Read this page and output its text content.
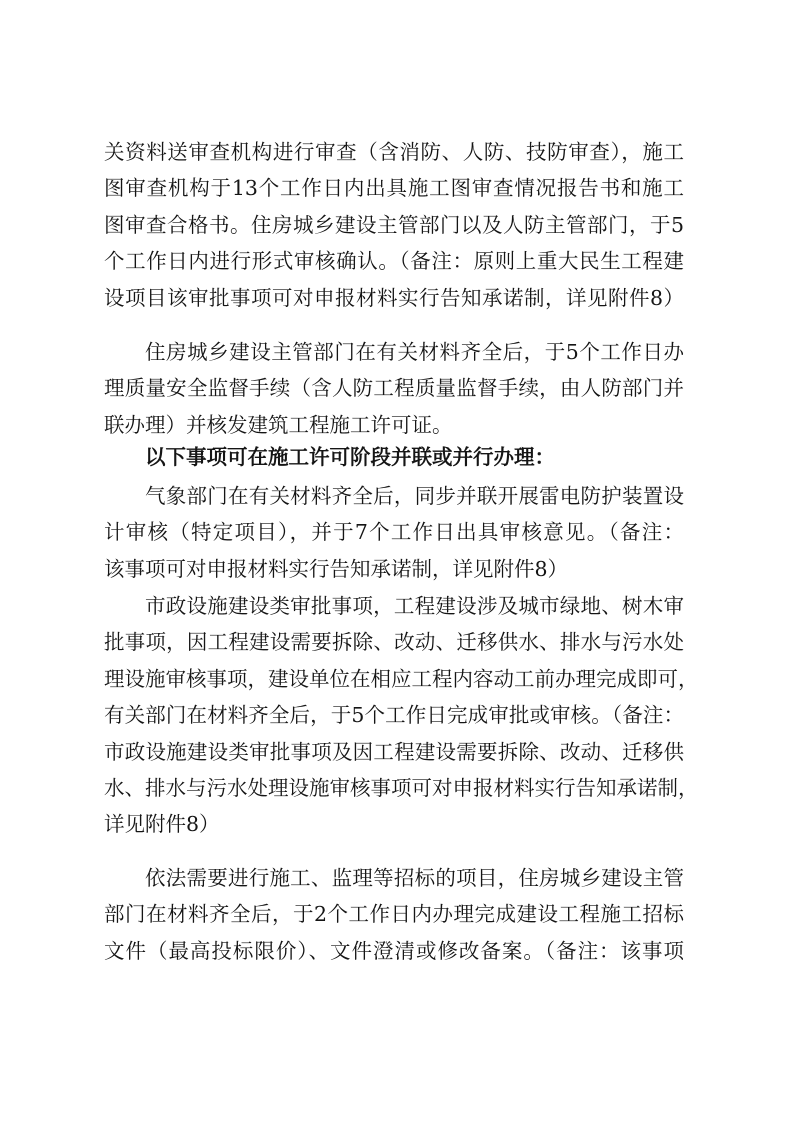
关资料送审查机构进行审查（含消防、人防、技防审查），施工
图审查机构于13个工作日内出具施工图审查情况报告书和施工
图审查合格书。住房城乡建设主管部门以及人防主管部门，于5
个工作日内进行形式审核确认。（备注：原则上重大民生工程建
设项目该审批事项可对申报材料实行告知承诺制，详见附件8）
住房城乡建设主管部门在有关材料齐全后，于5个工作日办
理质量安全监督手续（含人防工程质量监督手续，由人防部门并
联办理）并核发建筑工程施工许可证。
以下事项可在施工许可阶段并联或并行办理：
气象部门在有关材料齐全后，同步并联开展雷电防护装置设
计审核（特定项目），并于7个工作日出具审核意见。（备注：
该事项可对申报材料实行告知承诺制，详见附件8）
市政设施建设类审批事项，工程建设涉及城市绿地、树木审
批事项，因工程建设需要拆除、改动、迁移供水、排水与污水处
理设施审核事项，建设单位在相应工程内容动工前办理完成即可，
有关部门在材料齐全后，于5个工作日完成审批或审核。（备注：
市政设施建设类审批事项及因工程建设需要拆除、改动、迁移供
水、排水与污水处理设施审核事项可对申报材料实行告知承诺制，
详见附件8）
依法需要进行施工、监理等招标的项目，住房城乡建设主管
部门在材料齐全后，于2个工作日内办理完成建设工程施工招标
文件（最高投标限价）、文件澄清或修改备案。（备注：该事项
